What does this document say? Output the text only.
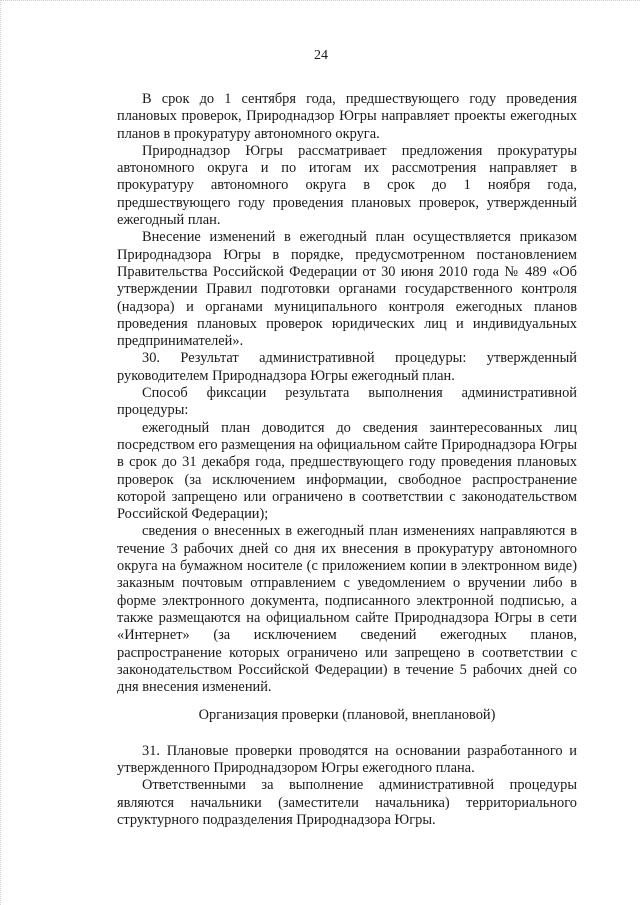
24

В срок до 1 сентября года, предшествующего году проведения плановых проверок, Природнадзор Югры направляет проекты ежегодных планов в прокуратуру автономного округа.

Природнадзор Югры рассматривает предложения прокуратуры автономного округа и по итогам их рассмотрения направляет в прокуратуру автономного округа в срок до 1 ноября года, предшествующего году проведения плановых проверок, утвержденный ежегодный план.

Внесение изменений в ежегодный план осуществляется приказом Природнадзора Югры в порядке, предусмотренном постановлением Правительства Российской Федерации от 30 июня 2010 года № 489 «Об утверждении Правил подготовки органами государственного контроля (надзора) и органами муниципального контроля ежегодных планов проведения плановых проверок юридических лиц и индивидуальных предпринимателей».

30. Результат административной процедуры: утвержденный руководителем Природнадзора Югры ежегодный план.

Способ фиксации результата выполнения административной процедуры:

ежегодный план доводится до сведения заинтересованных лиц посредством его размещения на официальном сайте Природнадзора Югры в срок до 31 декабря года, предшествующего году проведения плановых проверок (за исключением информации, свободное распространение которой запрещено или ограничено в соответствии с законодательством Российской Федерации);

сведения о внесенных в ежегодный план изменениях направляются в течение 3 рабочих дней со дня их внесения в прокуратуру автономного округа на бумажном носителе (с приложением копии в электронном виде) заказным почтовым отправлением с уведомлением о вручении либо в форме электронного документа, подписанного электронной подписью, а также размещаются на официальном сайте Природнадзора Югры в сети «Интернет» (за исключением сведений ежегодных планов, распространение которых ограничено или запрещено в соответствии с законодательством Российской Федерации) в течение 5 рабочих дней со дня внесения изменений.

Организация проверки (плановой, внеплановой)

31. Плановые проверки проводятся на основании разработанного и утвержденного Природнадзором Югры ежегодного плана.

Ответственными за выполнение административной процедуры являются начальники (заместители начальника) территориального структурного подразделения Природнадзора Югры.
